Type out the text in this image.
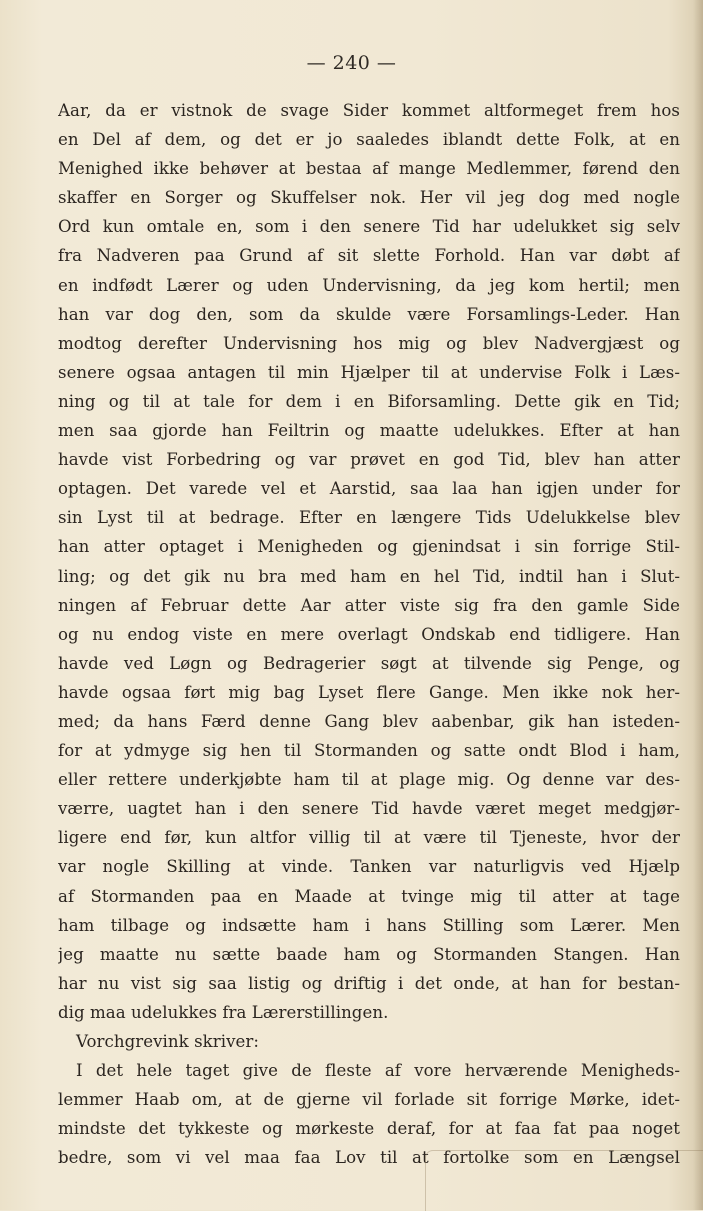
— 240 —
Aar, da er vistnok de svage Sider kommet altformeget frem hos
en Del af dem, og det er jo saaledes iblandt dette Folk, at en
Menighed ikke behøver at bestaa af mange Medlemmer, førend den
skaffer en Sorger og Skuffelser nok. Her vil jeg dog med nogle
Ord kun omtale en, som i den senere Tid har udelukket sig selv
fra Nadveren paa Grund af sit slette Forhold. Han var døbt af
en indfødt Lærer og uden Undervisning, da jeg kom hertil; men
han var dog den, som da skulde være Forsamlings-Leder. Han
modtog derefter Undervisning hos mig og blev Nadvergjæst og
senere ogsaa antagen til min Hjælper til at undervise Folk i Læs-
ning og til at tale for dem i en Biforsamling. Dette gik en Tid;
men saa gjorde han Feiltrin og maatte udelukkes. Efter at han
havde vist Forbedring og var prøvet en god Tid, blev han atter
optagen. Det varede vel et Aarstid, saa laa han igjen under for
sin Lyst til at bedrage. Efter en længere Tids Udelukkelse blev
han atter optaget i Menigheden og gjenindsat i sin forrige Stil-
ling; og det gik nu bra med ham en hel Tid, indtil han i Slut-
ningen af Februar dette Aar atter viste sig fra den gamle Side
og nu endog viste en mere overlagt Ondskab end tidligere. Han
havde ved Løgn og Bedragerier søgt at tilvende sig Penge, og
havde ogsaa ført mig bag Lyset flere Gange. Men ikke nok her-
med; da hans Færd denne Gang blev aabenbar, gik han isteden-
for at ydmyge sig hen til Stormanden og satte ondt Blod i ham,
eller rettere underkjøbte ham til at plage mig. Og denne var des-
værre, uagtet han i den senere Tid havde været meget medgjør-
ligere end før, kun altfor villig til at være til Tjeneste, hvor der
var nogle Skilling at vinde. Tanken var naturligvis ved Hjælp
af Stormanden paa en Maade at tvinge mig til atter at tage
ham tilbage og indsætte ham i hans Stilling som Lærer. Men
jeg maatte nu sætte baade ham og Stormanden Stangen. Han
har nu vist sig saa listig og driftig i det onde, at han for bestan-
dig maa udelukkes fra Lærerstillingen.
Vorchgrevink skriver:
I det hele taget give de fleste af vore herværende Menigheds-
lemmer Haab om, at de gjerne vil forlade sit forrige Mørke, idet-
mindste det tykkeste og mørkeste deraf, for at faa fat paa noget
bedre, som vi vel maa faa Lov til at fortolke som en Længsel
